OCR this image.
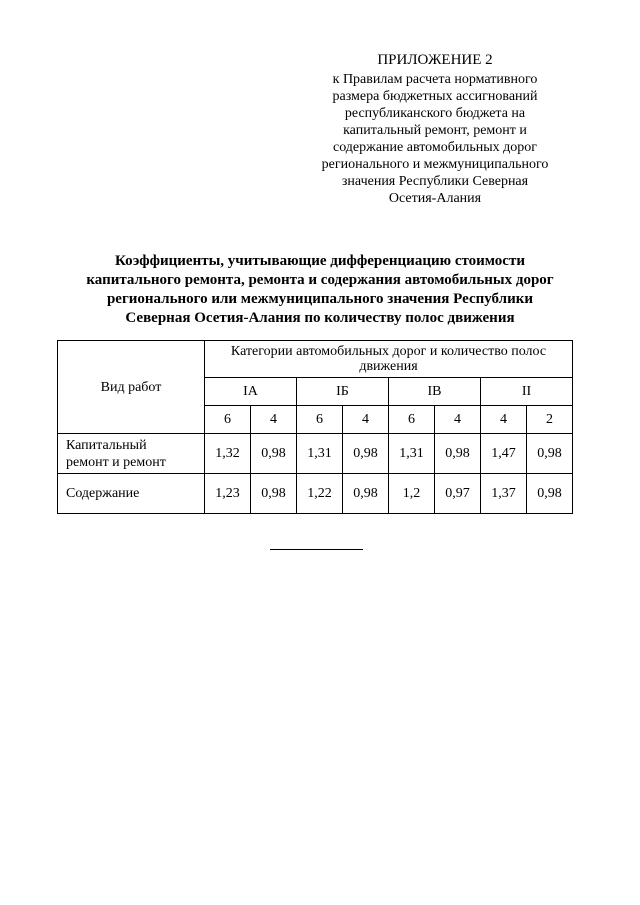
ПРИЛОЖЕНИЕ 2
к Правилам расчета нормативного
размера бюджетных ассигнований
республиканского бюджета на
капитальный ремонт, ремонт и
содержание автомобильных дорог
регионального и межмуниципального
значения Республики Северная
Осетия-Алания
Коэффициенты, учитывающие дифференциацию стоимости
капитального ремонта, ремонта и содержания автомобильных дорог
регионального или межмуниципального значения Республики
Северная Осетия-Алания по количеству полос движения
Вид работ	Категории автомобильных дорог и количество полос движения							
	IА		IБ		IВ		II	
	6	4	6	4	6	4	4	2

Капитальный
ремонт и ремонт	1,32	0,98	1,31	0,98	1,31	0,98	1,47	0,98

Содержание	1,23	0,98	1,22	0,98	1,2	0,97	1,37	0,98
